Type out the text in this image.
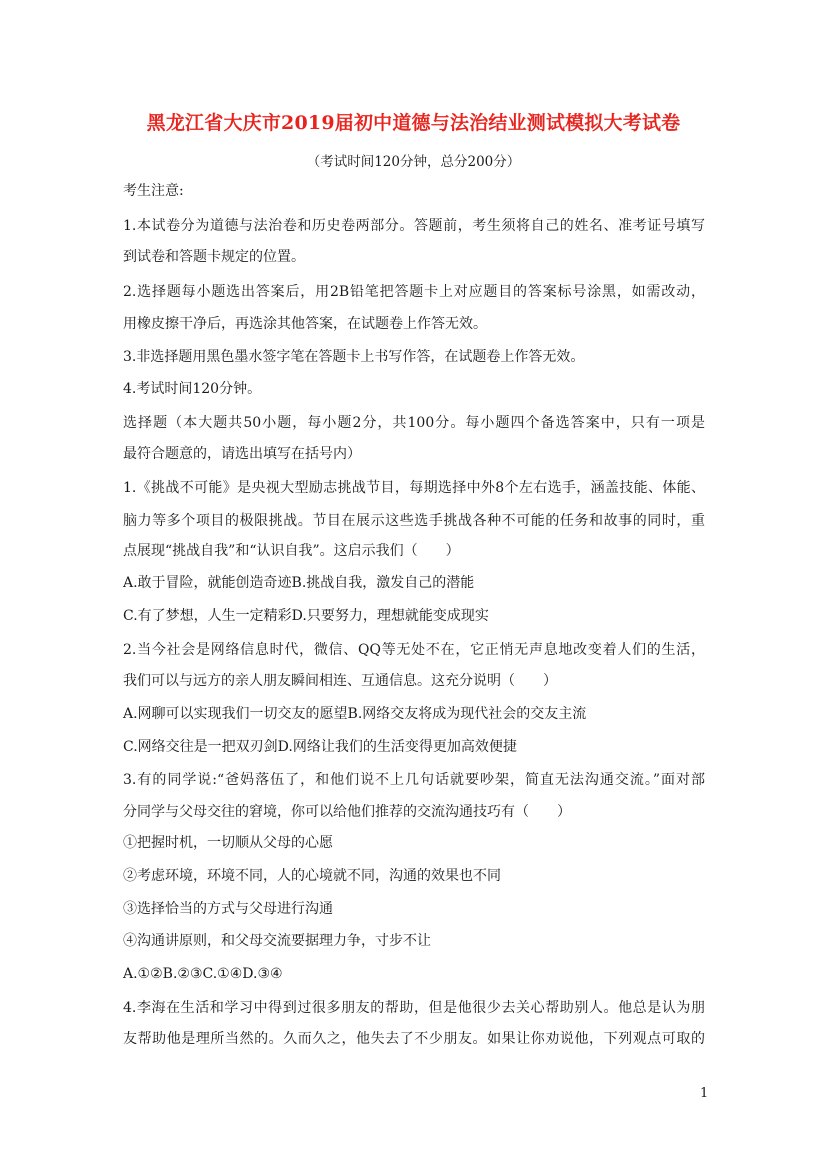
黑龙江省大庆市2019届初中道德与法治结业测试模拟大考试卷
（考试时间120分钟，总分200分）
考生注意:
1.本试卷分为道德与法治卷和历史卷两部分。答题前，考生须将自己的姓名、准考证号填写
到试卷和答题卡规定的位置。
2.选择题每小题选出答案后，用2B铅笔把答题卡上对应题目的答案标号涂黑，如需改动，
用橡皮擦干净后，再选涂其他答案，在试题卷上作答无效。
3.非选择题用黑色墨水签字笔在答题卡上书写作答，在试题卷上作答无效。
4.考试时间120分钟。
选择题（本大题共50小题，每小题2分，共100分。每小题四个备选答案中，只有一项是
最符合题意的，请选出填写在括号内）
1.《挑战不可能》是央视大型励志挑战节目，每期选择中外8个左右选手，涵盖技能、体能、
脑力等多个项目的极限挑战。节目在展示这些选手挑战各种不可能的任务和故事的同时，重
点展现“挑战自我”和“认识自我”。这启示我们（　　）
A.敢于冒险，就能创造奇迹B.挑战自我，激发自己的潜能
C.有了梦想，人生一定精彩D.只要努力，理想就能变成现实
2.当今社会是网络信息时代，微信、QQ等无处不在，它正悄无声息地改变着人们的生活，
我们可以与远方的亲人朋友瞬间相连、互通信息。这充分说明（　　）
A.网聊可以实现我们一切交友的愿望B.网络交友将成为现代社会的交友主流
C.网络交往是一把双刃剑D.网络让我们的生活变得更加高效便捷
3.有的同学说:“爸妈落伍了，和他们说不上几句话就要吵架，简直无法沟通交流。”面对部
分同学与父母交往的窘境，你可以给他们推荐的交流沟通技巧有（　　）
①把握时机，一切顺从父母的心愿
②考虑环境，环境不同，人的心境就不同，沟通的效果也不同
③选择恰当的方式与父母进行沟通
④沟通讲原则，和父母交流要据理力争，寸步不让
A.①②B.②③C.①④D.③④
4.李海在生活和学习中得到过很多朋友的帮助，但是他很少去关心帮助别人。他总是认为朋
友帮助他是理所当然的。久而久之，他失去了不少朋友。如果让你劝说他，下列观点可取的
1
